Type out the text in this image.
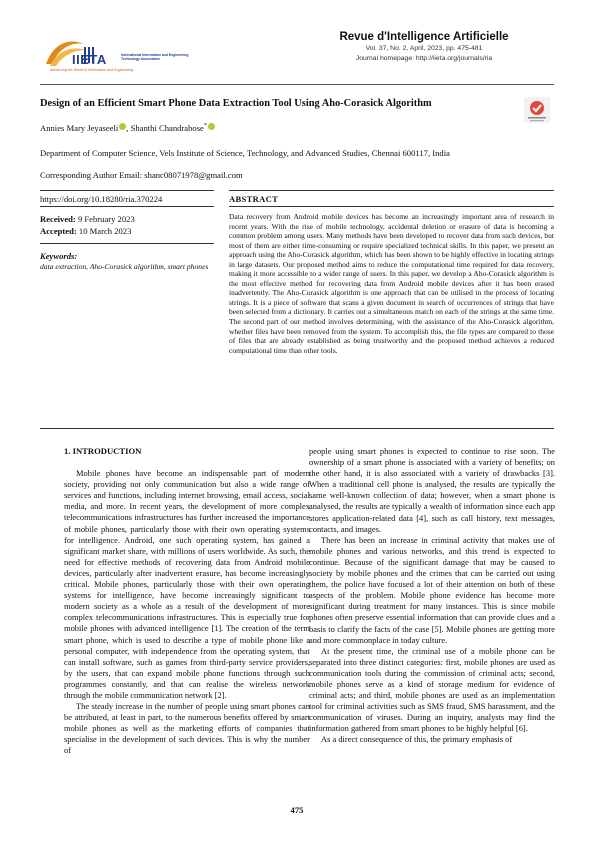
IIETA	International Information and Engineering Technology Association
Advancing the World of Information and Engineering
Revue d'Intelligence Artificielle
Vol. 37, No. 2, April, 2023, pp. 475-481
Journal homepage: http://iieta.org/journals/ria
Design of an Efficient Smart Phone Data Extraction Tool Using Aho-Corasick Algorithm
Annies Mary Jeyaseeli , Shanthi Chandrabose*
Department of Computer Science, Vels Institute of Science, Technology, and Advanced Studies, Chennai 600117, India
Corresponding Author Email: shanc08071978@gmail.com
https://doi.org/10.18280/ria.370224	ABSTRACT
Received: 9 February 2023
Accepted: 10 March 2023
Keywords:
data extraction, Aho-Corasick algorithm, smart phones
Data recovery from Android mobile devices has become an increasingly important area of research in recent years. With the rise of mobile technology, accidental deletion or erasure of data is becoming a common problem among users. Many methods have been developed to recover data from such devices, but most of them are either time-consuming or require specialized technical skills. In this paper, we present an approach using the Aho-Corasick algorithm, which has been shown to be highly effective in locating strings in large datasets. Our proposed method aims to reduce the computational time required for data recovery, making it more accessible to a wider range of users. In this paper, we develop a Aho-Corasick algorithm is the most effective method for recovering data from Android mobile devices after it has been erased inadvertently. The Aho-Corasick algorithm is one approach that can be utilised in the process of locating strings. It is a piece of software that scans a given document in search of occurrences of strings that have been selected from a dictionary. It carries out a simultaneous match on each of the strings at the same time. The second part of our method involves determining, with the assistance of the Aho-Corasick algorithm, whether files have been removed from the system. To accomplish this, the file types are compared to those of files that are already established as being trustworthy and the proposed method achieves a reduced computational time than other tools.
1. INTRODUCTION

Mobile phones have become an indispensable part of modern society, providing not only communication but also a wide range of services and functions, including internet browsing, email access, social media, and more. In recent years, the development of more complex telecommunications infrastructures has further increased the importance of mobile phones, particularly those with their own operating systems for intelligence. Android, one such operating system, has gained a significant market share, with millions of users worldwide. As such, the need for effective methods of recovering data from Android mobile devices, particularly after inadvertent erasure, has become increasingly critical. Mobile phones, particularly those with their own operating systems for intelligence, have become increasingly significant to modern society as a whole as a result of the development of more complex telecommunications infrastructures. This is especially true for mobile phones with advanced intelligence [1]. The creation of the term smart phone, which is used to describe a type of mobile phone like a personal computer, with independence from the operating system, that can install software, such as games from third-party service providers, by the users, that can expand mobile phone functions through such programmes constantly, and that can realise the wireless network through the mobile communication network [2].

The steady increase in the number of people using smart phones can be attributed, at least in part, to the numerous benefits offered by smart mobile phones as well as the marketing efforts of companies that specialise in the development of such devices. This is why the number of

people using smart phones is expected to continue to rise soon. The ownership of a smart phone is associated with a variety of benefits; on the other hand, it is also associated with a variety of drawbacks [3]. When a traditional cell phone is analysed, the results are typically the same well-known collection of data; however, when a smart phone is analysed, the results are typically a wealth of information since each app stores application-related data [4], such as call history, text messages, contacts, and images.

There has been an increase in criminal activity that makes use of mobile phones and various networks, and this trend is expected to continue. Because of the significant damage that may be caused to society by mobile phones and the crimes that can be carried out using them, the police have focused a lot of their attention on both of these aspects of the problem. Mobile phone evidence has become more significant during treatment for many instances. This is since mobile phones often preserve essential information that can provide clues and a basis to clarify the facts of the case [5]. Mobile phones are getting more and more commonplace in today culture.

At the present time, the criminal use of a mobile phone can be separated into three distinct categories: first, mobile phones are used as communication tools during the commission of criminal acts; second, mobile phones serve as a kind of storage medium for evidence of criminal acts; and third, mobile phones are used as an implementation tool for criminal activities such as SMS fraud, SMS harassment, and the communication of viruses. During an inquiry, analysts may find the information gathered from smart phones to be highly helpful [6].

As a direct consequence of this, the primary emphasis of

475
